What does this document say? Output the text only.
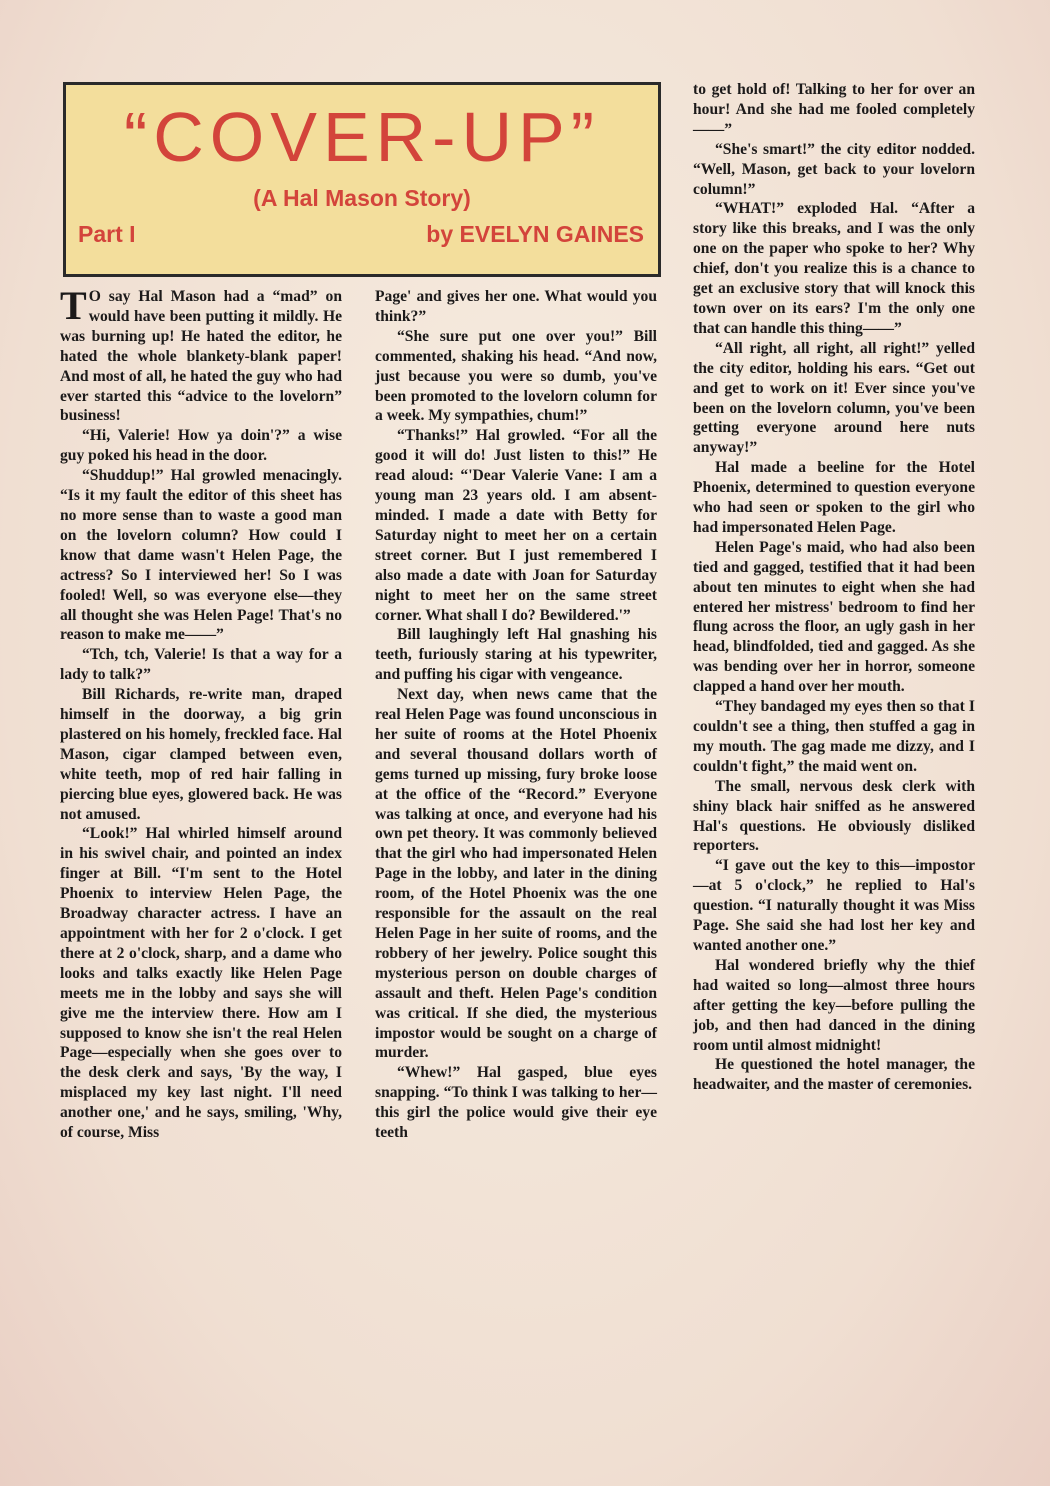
“COVER-UP”
(A Hal Mason Story)
Part I	by EVELYN GAINES

T O say Hal Mason had a “mad” on would have been putting it mildly. He was burning up! He hated the editor, he hated the whole blankety-blank paper! And most of all, he hated the guy who had ever started this “advice to the lovelorn” business!

“Hi, Valerie! How ya doin'?” a wise guy poked his head in the door.

“Shuddup!” Hal growled menacingly. “Is it my fault the editor of this sheet has no more sense than to waste a good man on the lovelorn column? How could I know that dame wasn't Helen Page, the actress? So I interviewed her! So I was fooled! Well, so was everyone else—they all thought she was Helen Page! That's no reason to make me——”

“Tch, tch, Valerie! Is that a way for a lady to talk?”

Bill Richards, re-write man, draped himself in the doorway, a big grin plastered on his homely, freckled face. Hal Mason, cigar clamped between even, white teeth, mop of red hair falling in piercing blue eyes, glowered back. He was not amused.

“Look!” Hal whirled himself around in his swivel chair, and pointed an index finger at Bill. “I'm sent to the Hotel Phoenix to interview Helen Page, the Broadway character actress. I have an appointment with her for 2 o'clock. I get there at 2 o'clock, sharp, and a dame who looks and talks exactly like Helen Page meets me in the lobby and says she will give me the interview there. How am I supposed to know she isn't the real Helen Page—especially when she goes over to the desk clerk and says, 'By the way, I misplaced my key last night. I'll need another one,' and he says, smiling, 'Why, of course, Miss

Page' and gives her one. What would you think?”

“She sure put one over you!” Bill commented, shaking his head. “And now, just because you were so dumb, you've been promoted to the lovelorn column for a week. My sympathies, chum!”

“Thanks!” Hal growled. “For all the good it will do! Just listen to this!” He read aloud: “'Dear Valerie Vane: I am a young man 23 years old. I am absent-minded. I made a date with Betty for Saturday night to meet her on a certain street corner. But I just remembered I also made a date with Joan for Saturday night to meet her on the same street corner. What shall I do? Bewildered.'”

Bill laughingly left Hal gnashing his teeth, furiously staring at his typewriter, and puffing his cigar with vengeance.

Next day, when news came that the real Helen Page was found unconscious in her suite of rooms at the Hotel Phoenix and several thousand dollars worth of gems turned up missing, fury broke loose at the office of the “Record.” Everyone was talking at once, and everyone had his own pet theory. It was commonly believed that the girl who had impersonated Helen Page in the lobby, and later in the dining room, of the Hotel Phoenix was the one responsible for the assault on the real Helen Page in her suite of rooms, and the robbery of her jewelry. Police sought this mysterious person on double charges of assault and theft. Helen Page's condition was critical. If she died, the mysterious impostor would be sought on a charge of murder.

“Whew!” Hal gasped, blue eyes snapping. “To think I was talking to her—this girl the police would give their eye teeth

to get hold of! Talking to her for over an hour! And she had me fooled completely——”

“She's smart!” the city editor nodded. “Well, Mason, get back to your lovelorn column!”

“WHAT!” exploded Hal. “After a story like this breaks, and I was the only one on the paper who spoke to her? Why chief, don't you realize this is a chance to get an exclusive story that will knock this town over on its ears? I'm the only one that can handle this thing——”

“All right, all right, all right!” yelled the city editor, holding his ears. “Get out and get to work on it! Ever since you've been on the lovelorn column, you've been getting everyone around here nuts anyway!”

Hal made a beeline for the Hotel Phoenix, determined to question everyone who had seen or spoken to the girl who had impersonated Helen Page.

Helen Page's maid, who had also been tied and gagged, testified that it had been about ten minutes to eight when she had entered her mistress' bedroom to find her flung across the floor, an ugly gash in her head, blindfolded, tied and gagged. As she was bending over her in horror, someone clapped a hand over her mouth.

“They bandaged my eyes then so that I couldn't see a thing, then stuffed a gag in my mouth. The gag made me dizzy, and I couldn't fight,” the maid went on.

The small, nervous desk clerk with shiny black hair sniffed as he answered Hal's questions. He obviously disliked reporters.

“I gave out the key to this—impostor—at 5 o'clock,” he replied to Hal's question. “I naturally thought it was Miss Page. She said she had lost her key and wanted another one.”

Hal wondered briefly why the thief had waited so long—almost three hours after getting the key—before pulling the job, and then had danced in the dining room until almost midnight!

He questioned the hotel manager, the headwaiter, and the master of ceremonies.
